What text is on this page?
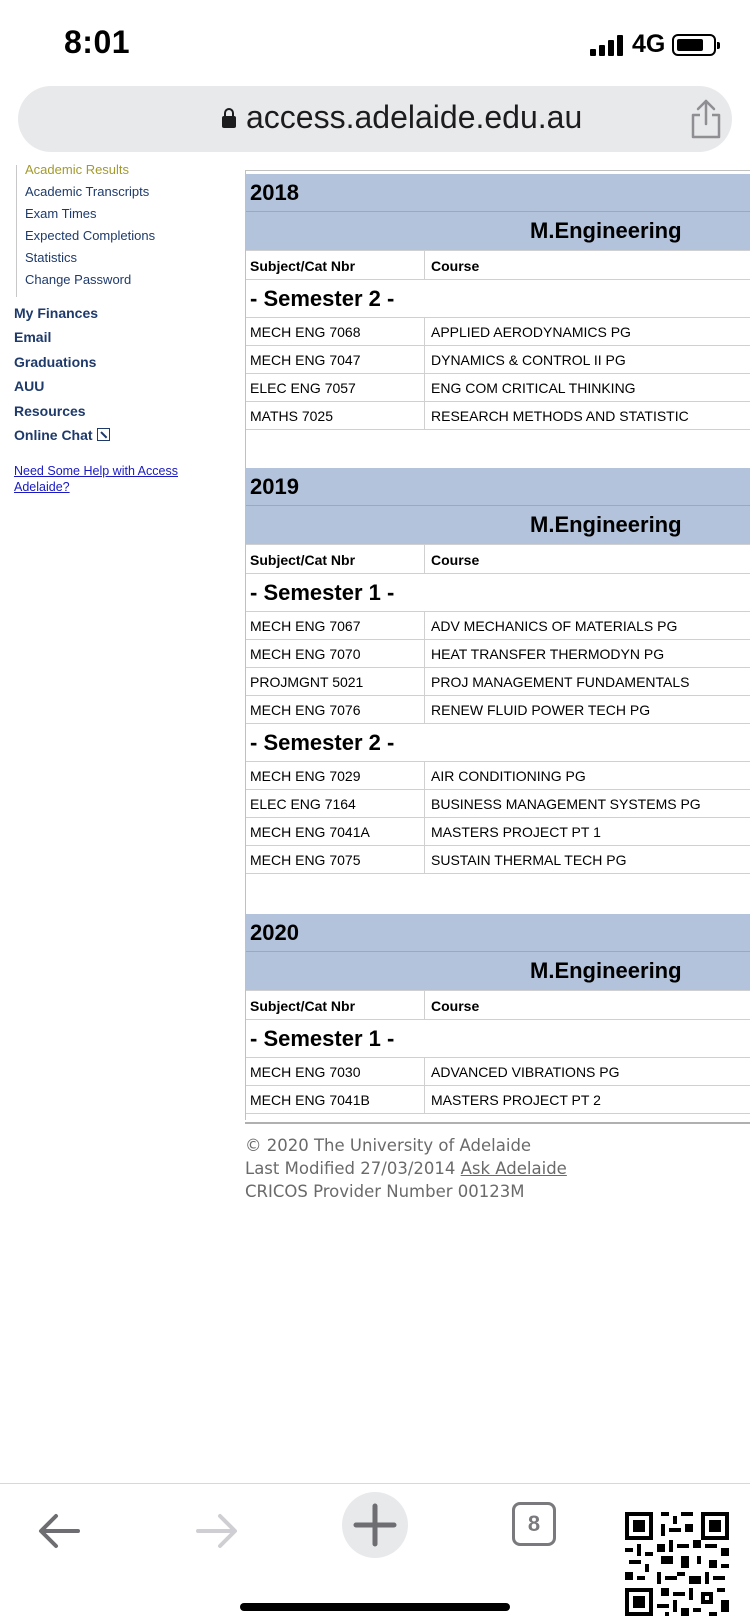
8:01	4G
access.adelaide.edu.au
Academic Results
Academic Transcripts
Exam Times
Expected Completions
Statistics
Change Password
My Finances
Email
Graduations
AUU
Resources
Online Chat
Need Some Help with Access Adelaide?
2018
M.Engineering
Subject/Cat Nbr	Course
- Semester 2 -
MECH ENG 7068	APPLIED AERODYNAMICS PG
MECH ENG 7047	DYNAMICS & CONTROL II PG
ELEC ENG 7057	ENG COM CRITICAL THINKING
MATHS 7025	RESEARCH METHODS AND STATISTIC
2019
M.Engineering
Subject/Cat Nbr	Course
- Semester 1 -
MECH ENG 7067	ADV MECHANICS OF MATERIALS PG
MECH ENG 7070	HEAT TRANSFER THERMODYN PG
PROJMGNT 5021	PROJ MANAGEMENT FUNDAMENTALS
MECH ENG 7076	RENEW FLUID POWER TECH PG
- Semester 2 -
MECH ENG 7029	AIR CONDITIONING PG
ELEC ENG 7164	BUSINESS MANAGEMENT SYSTEMS PG
MECH ENG 7041A	MASTERS PROJECT PT 1
MECH ENG 7075	SUSTAIN THERMAL TECH PG
2020
M.Engineering
Subject/Cat Nbr	Course
- Semester 1 -
MECH ENG 7030	ADVANCED VIBRATIONS PG
MECH ENG 7041B	MASTERS PROJECT PT 2
© 2020 The University of Adelaide
Last Modified 27/03/2014 Ask Adelaide
CRICOS Provider Number 00123M
8
